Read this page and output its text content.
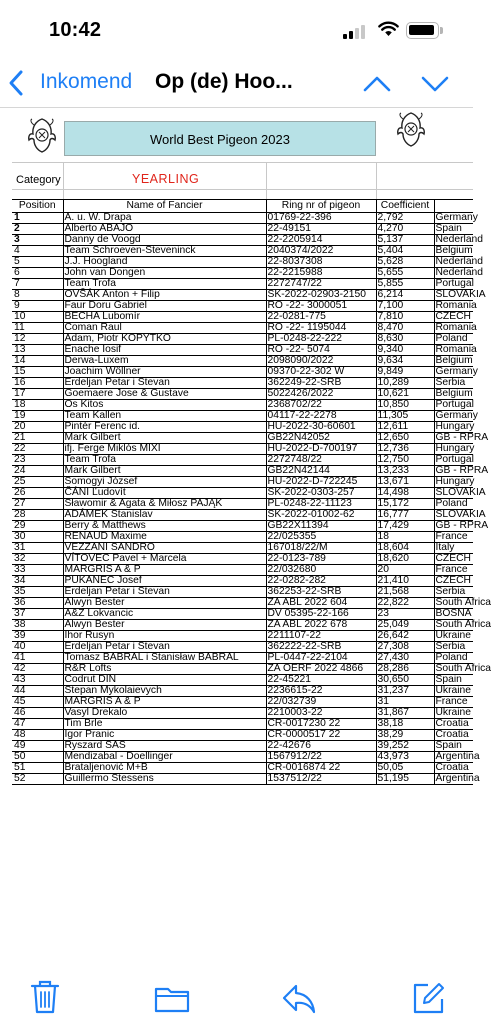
10:42
Inkomend Op (de) Hoo...
World Best Pigeon 2023
Category	YEARLING
Position	Name of Fancier	Ring nr of pigeon	Coefficient	
1	A. u. W. Drapa	01769-22-396	2,792	Germany
2	Alberto ABAJO	22-49151	4,270	Spain
3	Danny de Voogd	22-2205914	5,137	Nederland
4	Team Schroeven-Steveninck	2040374/2022	5,404	Belgium
5	J.J. Hoogland	22-8037308	5,628	Nederland
6	John van Dongen	22-2215988	5,655	Nederland
7	Team Trofa	2272747/22	5,855	Portugal
8	OVŠÁK Anton + Filip	SK-2022-02903-2150	6,214	SLOVAKIA
9	Faur Doru Gabriel	RO -22- 3000051	7,100	Romania
10	BECHA Lubomír	22-0281-775	7,810	CZECH
11	Coman Raul	RO -22- 1195044	8,470	Romania
12	Adam, Piotr KOPYTKO	PL-0248-22-222	8,630	Poland
13	Enache Iosif	RO -22- 5074	9,340	Romania
14	Derwa-Luxem	2098090/2022	9,634	Belgium
15	Joachim Wöllner	09370-22-302 W	9,849	Germany
16	Erdeljan Petar i Stevan	362249-22-SRB	10,289	Serbia
17	Goemaere Jose & Gustave	5022426/2022	10,621	Belgium
18	Os Kitos	2368702/22	10,850	Portugal
19	Team Kallen	04117-22-2278	11,305	Germany
20	Pintér Ferenc id.	HU-2022-30-60601	12,611	Hungary
21	Mark Gilbert	GB22N42052	12,650	GB - RPRA
22	ifj. Ferge Miklós MIXI	HU-2022-D-700197	12,736	Hungary
23	Team Trofa	2272748/22	12,750	Portugal
24	Mark Gilbert	GB22N42144	13,233	GB - RPRA
25	Somogyi József	HU-2022-D-722245	13,671	Hungary
26	ČÁNI Ľudovít	SK-2022-0303-257	14,498	SLOVAKIA
27	Sławomir & Agata & Miłosz PAJĄK	PL-0248-22-11123	15,172	Poland
28	ADÁMEK Stanislav	SK-2022-01002-62	16,777	SLOVAKIA
29	Berry & Matthews	GB22X11394	17,429	GB - RPRA
30	RENAUD Maxime	22/025355	18	France
31	VEZZANI SANDRO	167018/22/M	18,604	Italy
32	VÍTOVEC Pavel + Marcela	22-0123-789	18,620	CZECH
33	MARGRIS A & P	22/032680	20	France
34	PUKANEC Josef	22-0282-282	21,410	CZECH
35	Erdeljan Petar i Stevan	362253-22-SRB	21,568	Serbia
36	Alwyn Bester	ZA ABL 2022 604	22,822	South Africa
37	A&Z Lokvancic	DV 05395-22-166	23	BOSNA
38	Alwyn Bester	ZA ABL 2022 678	25,049	South Africa
39	Ihor Rusyn	2211107-22	26,642	Ukraine
40	Erdeljan Petar i Stevan	362222-22-SRB	27,308	Serbia
41	Tomasz BABRAL i Stanisław BABRAL	PL-0447-22-2104	27,430	Poland
42	R&R Lofts	ZA OERF 2022 4866	28,286	South Africa
43	Codrut DIN	22-45221	30,650	Spain
44	Stepan Mykolaievych	2236615-22	31,237	Ukraine
45	MARGRIS A & P	22/032739	31	France
46	Vasyl Drekalo	2210003-22	31,867	Ukraine
47	Tim Brle	CR-0017230 22	38,18	Croatia
48	Igor Pranic	CR-0000517 22	38,29	Croatia
49	Ryszard SAS	22-42676	39,252	Spain
50	Mendizabal - Doellinger	1567912/22	43,973	Argentina
51	Brataljenović M+B	CR-0016874 22	50,05	Croatia
52	Guillermo Stessens	1537512/22	51,195	Argentina
